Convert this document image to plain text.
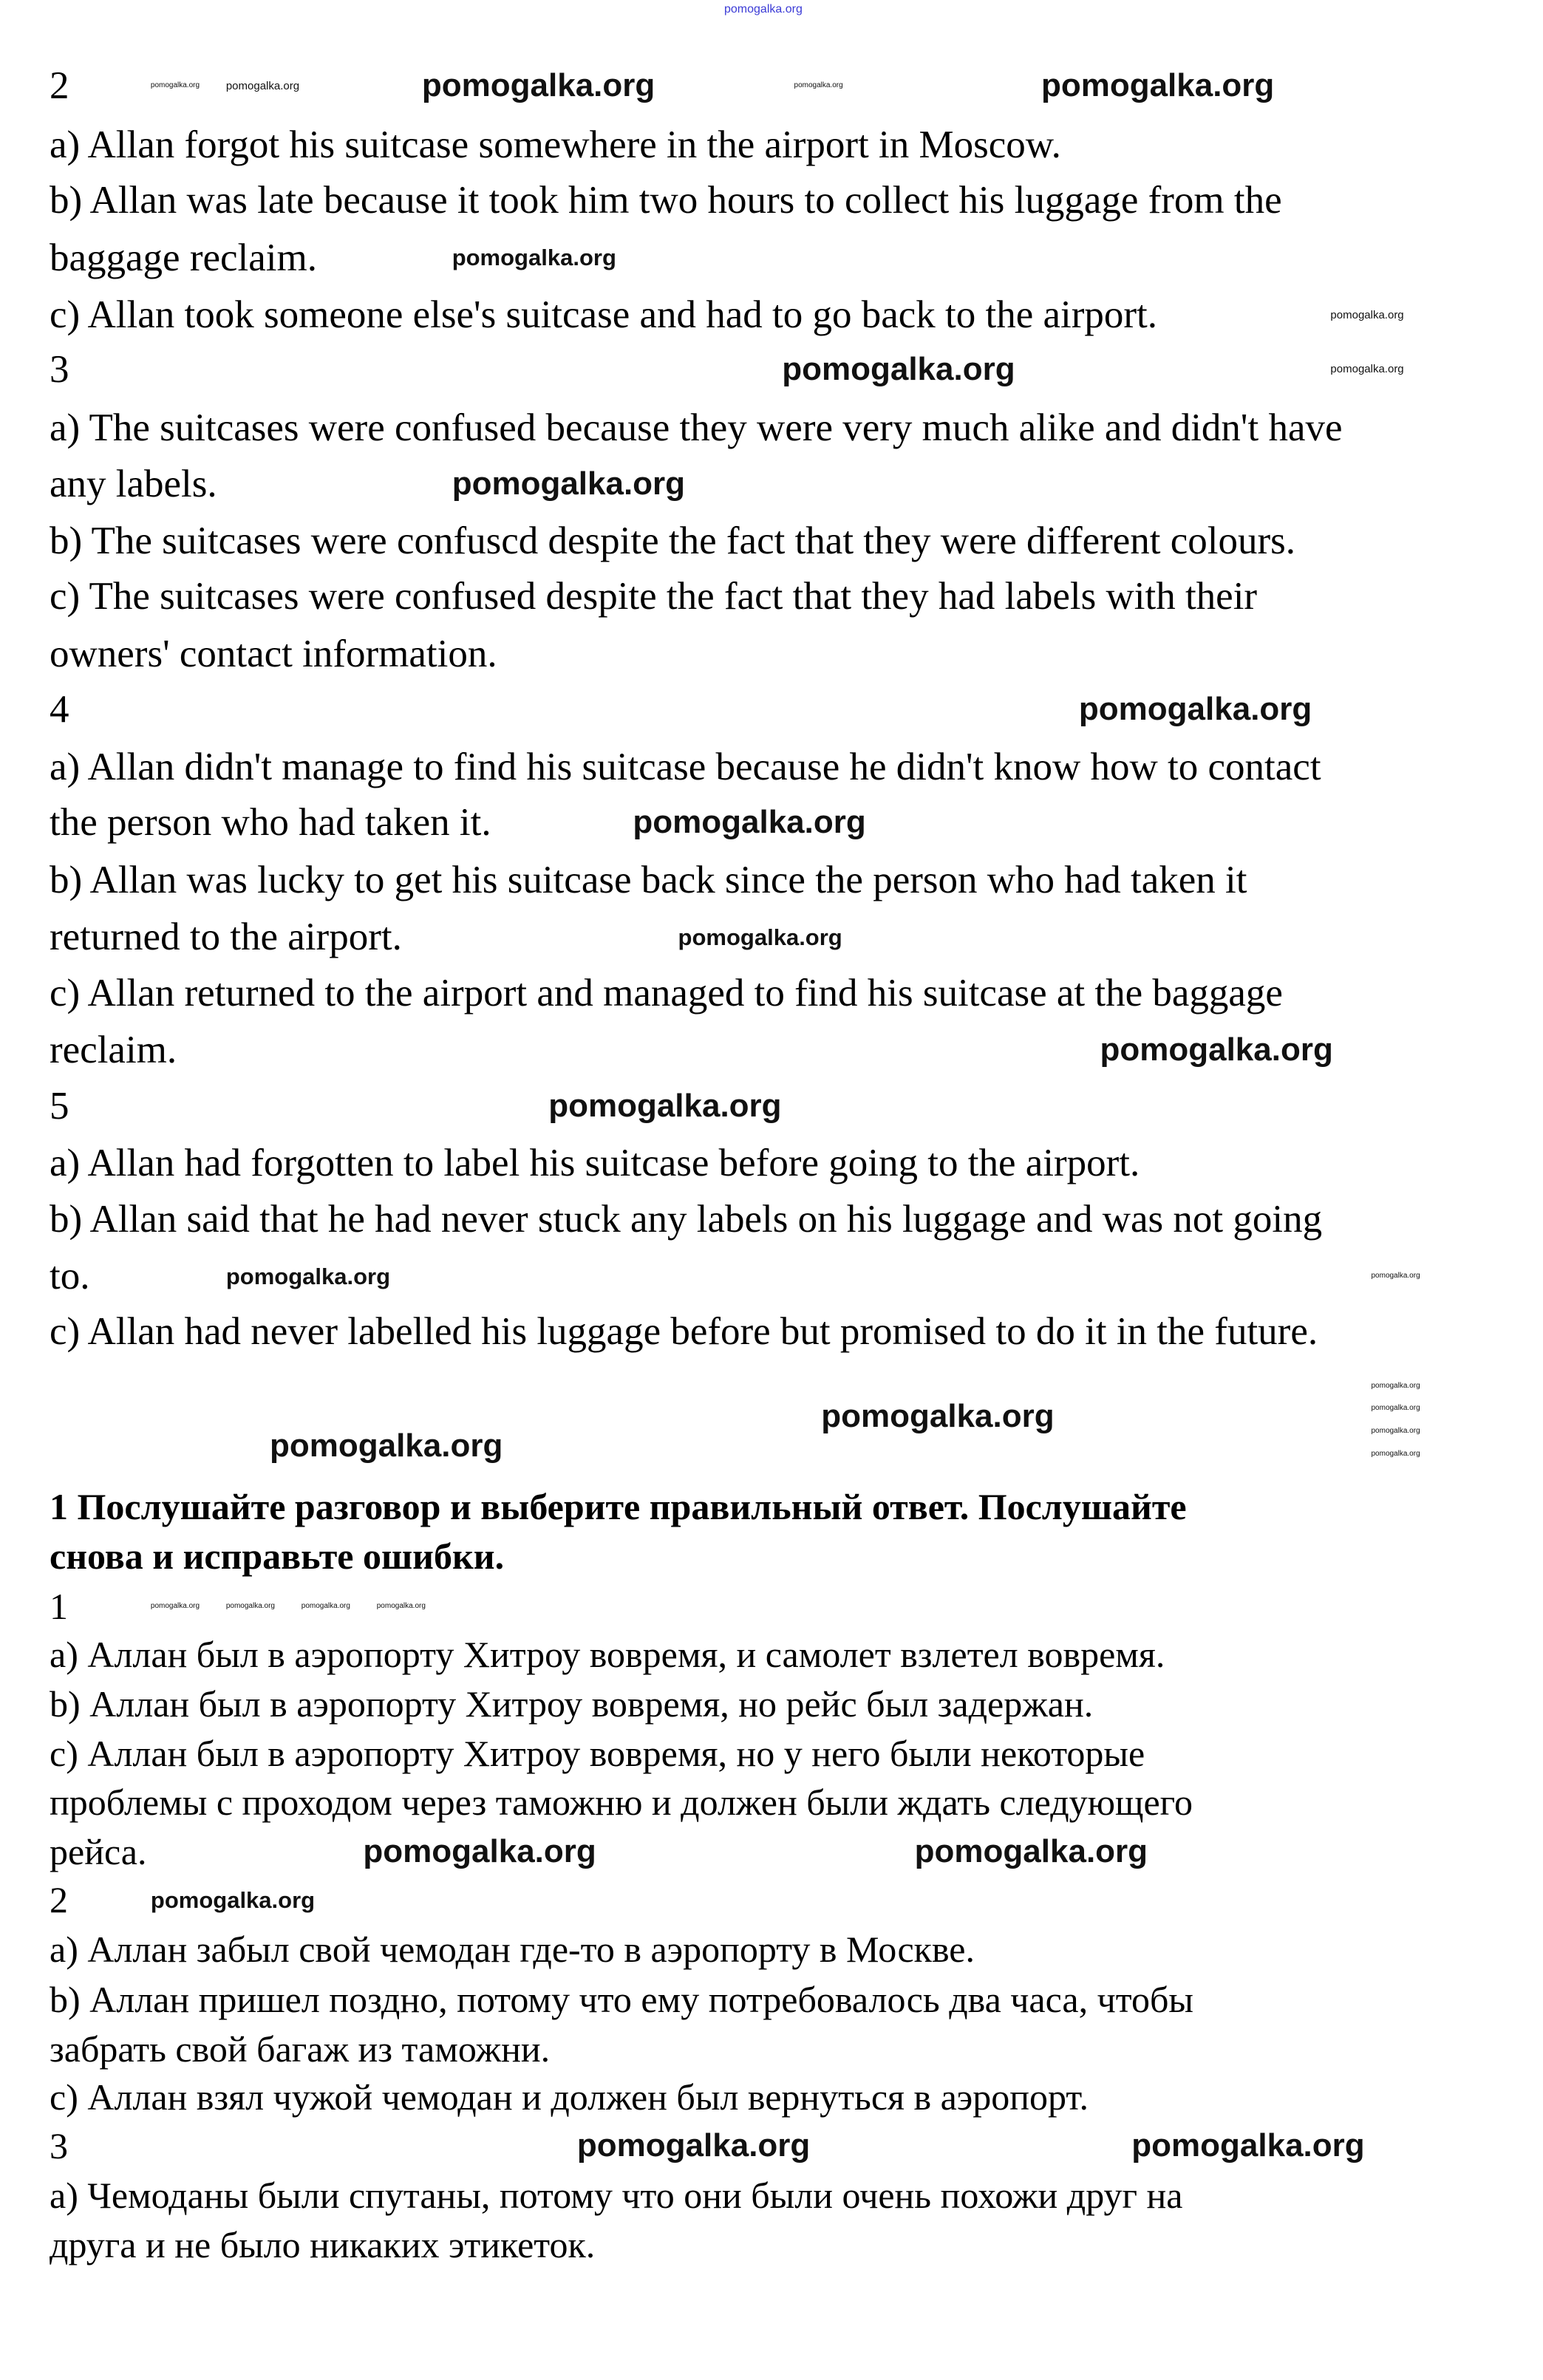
pomogalka.org
2
a) Allan forgot his suitcase somewhere in the airport in Moscow.
b) Allan was late because it took him two hours to collect his luggage from the
baggage reclaim.
c) Allan took someone else's suitcase and had to go back to the airport.
3
a) The suitcases were confused because they were very much alike and didn't have
any labels.
b) The suitcases were confuscd despite the fact that they were different colours.
c) The suitcases were confused despite the fact that they had labels with their
owners' contact information.
4
a) Allan didn't manage to find his suitcase because he didn't know how to contact
the person who had taken it.
b) Allan was lucky to get his suitcase back since the person who had taken it
returned to the airport.
c) Allan returned to the airport and managed to find his suitcase at the baggage
reclaim.
5
a) Allan had forgotten to label his suitcase before going to the airport.
b) Allan said that he had never stuck any labels on his luggage and was not going
to.
c) Allan had never labelled his luggage before but promised to do it in the future.
1 Послушайте разговор и выберите правильный ответ. Послушайте
снова и исправьте ошибки.
1
a) Аллан был в аэропорту Хитроу вовремя, и самолет взлетел вовремя.
b) Аллан был в аэропорту Хитроу вовремя, но рейс был задержан.
c) Аллан был в аэропорту Хитроу вовремя, но у него были некоторые
проблемы с проходом через таможню и должен были ждать следующего
рейса.
2
a) Аллан забыл свой чемодан где-то в аэропорту в Москве.
b) Аллан пришел поздно, потому что ему потребовалось два часа, чтобы
забрать свой багаж из таможни.
c) Аллан взял чужой чемодан и должен был вернуться в аэропорт.
3
a) Чемоданы были спутаны, потому что они были очень похожи друг на
друга и не было никаких этикеток.
pomogalka.org	pomogalka.org
pomogalka.org
pomogalka.org
pomogalka.org
pomogalka.org
pomogalka.org
pomogalka.org
pomogalka.org
pomogalka.org
pomogalka.org	pomogalka.org
pomogalka.org	pomogalka.org
pomogalka.org
pomogalka.org
pomogalka.org
pomogalka.org
pomogalka.org
pomogalka.org
pomogalka.org
pomogalka.org	pomogalka.org
pomogalka.org
pomogalka.org
pomogalka.org
pomogalka.org
pomogalka.org
pomogalka.org	pomogalka.org	pomogalka.org	pomogalka.org
